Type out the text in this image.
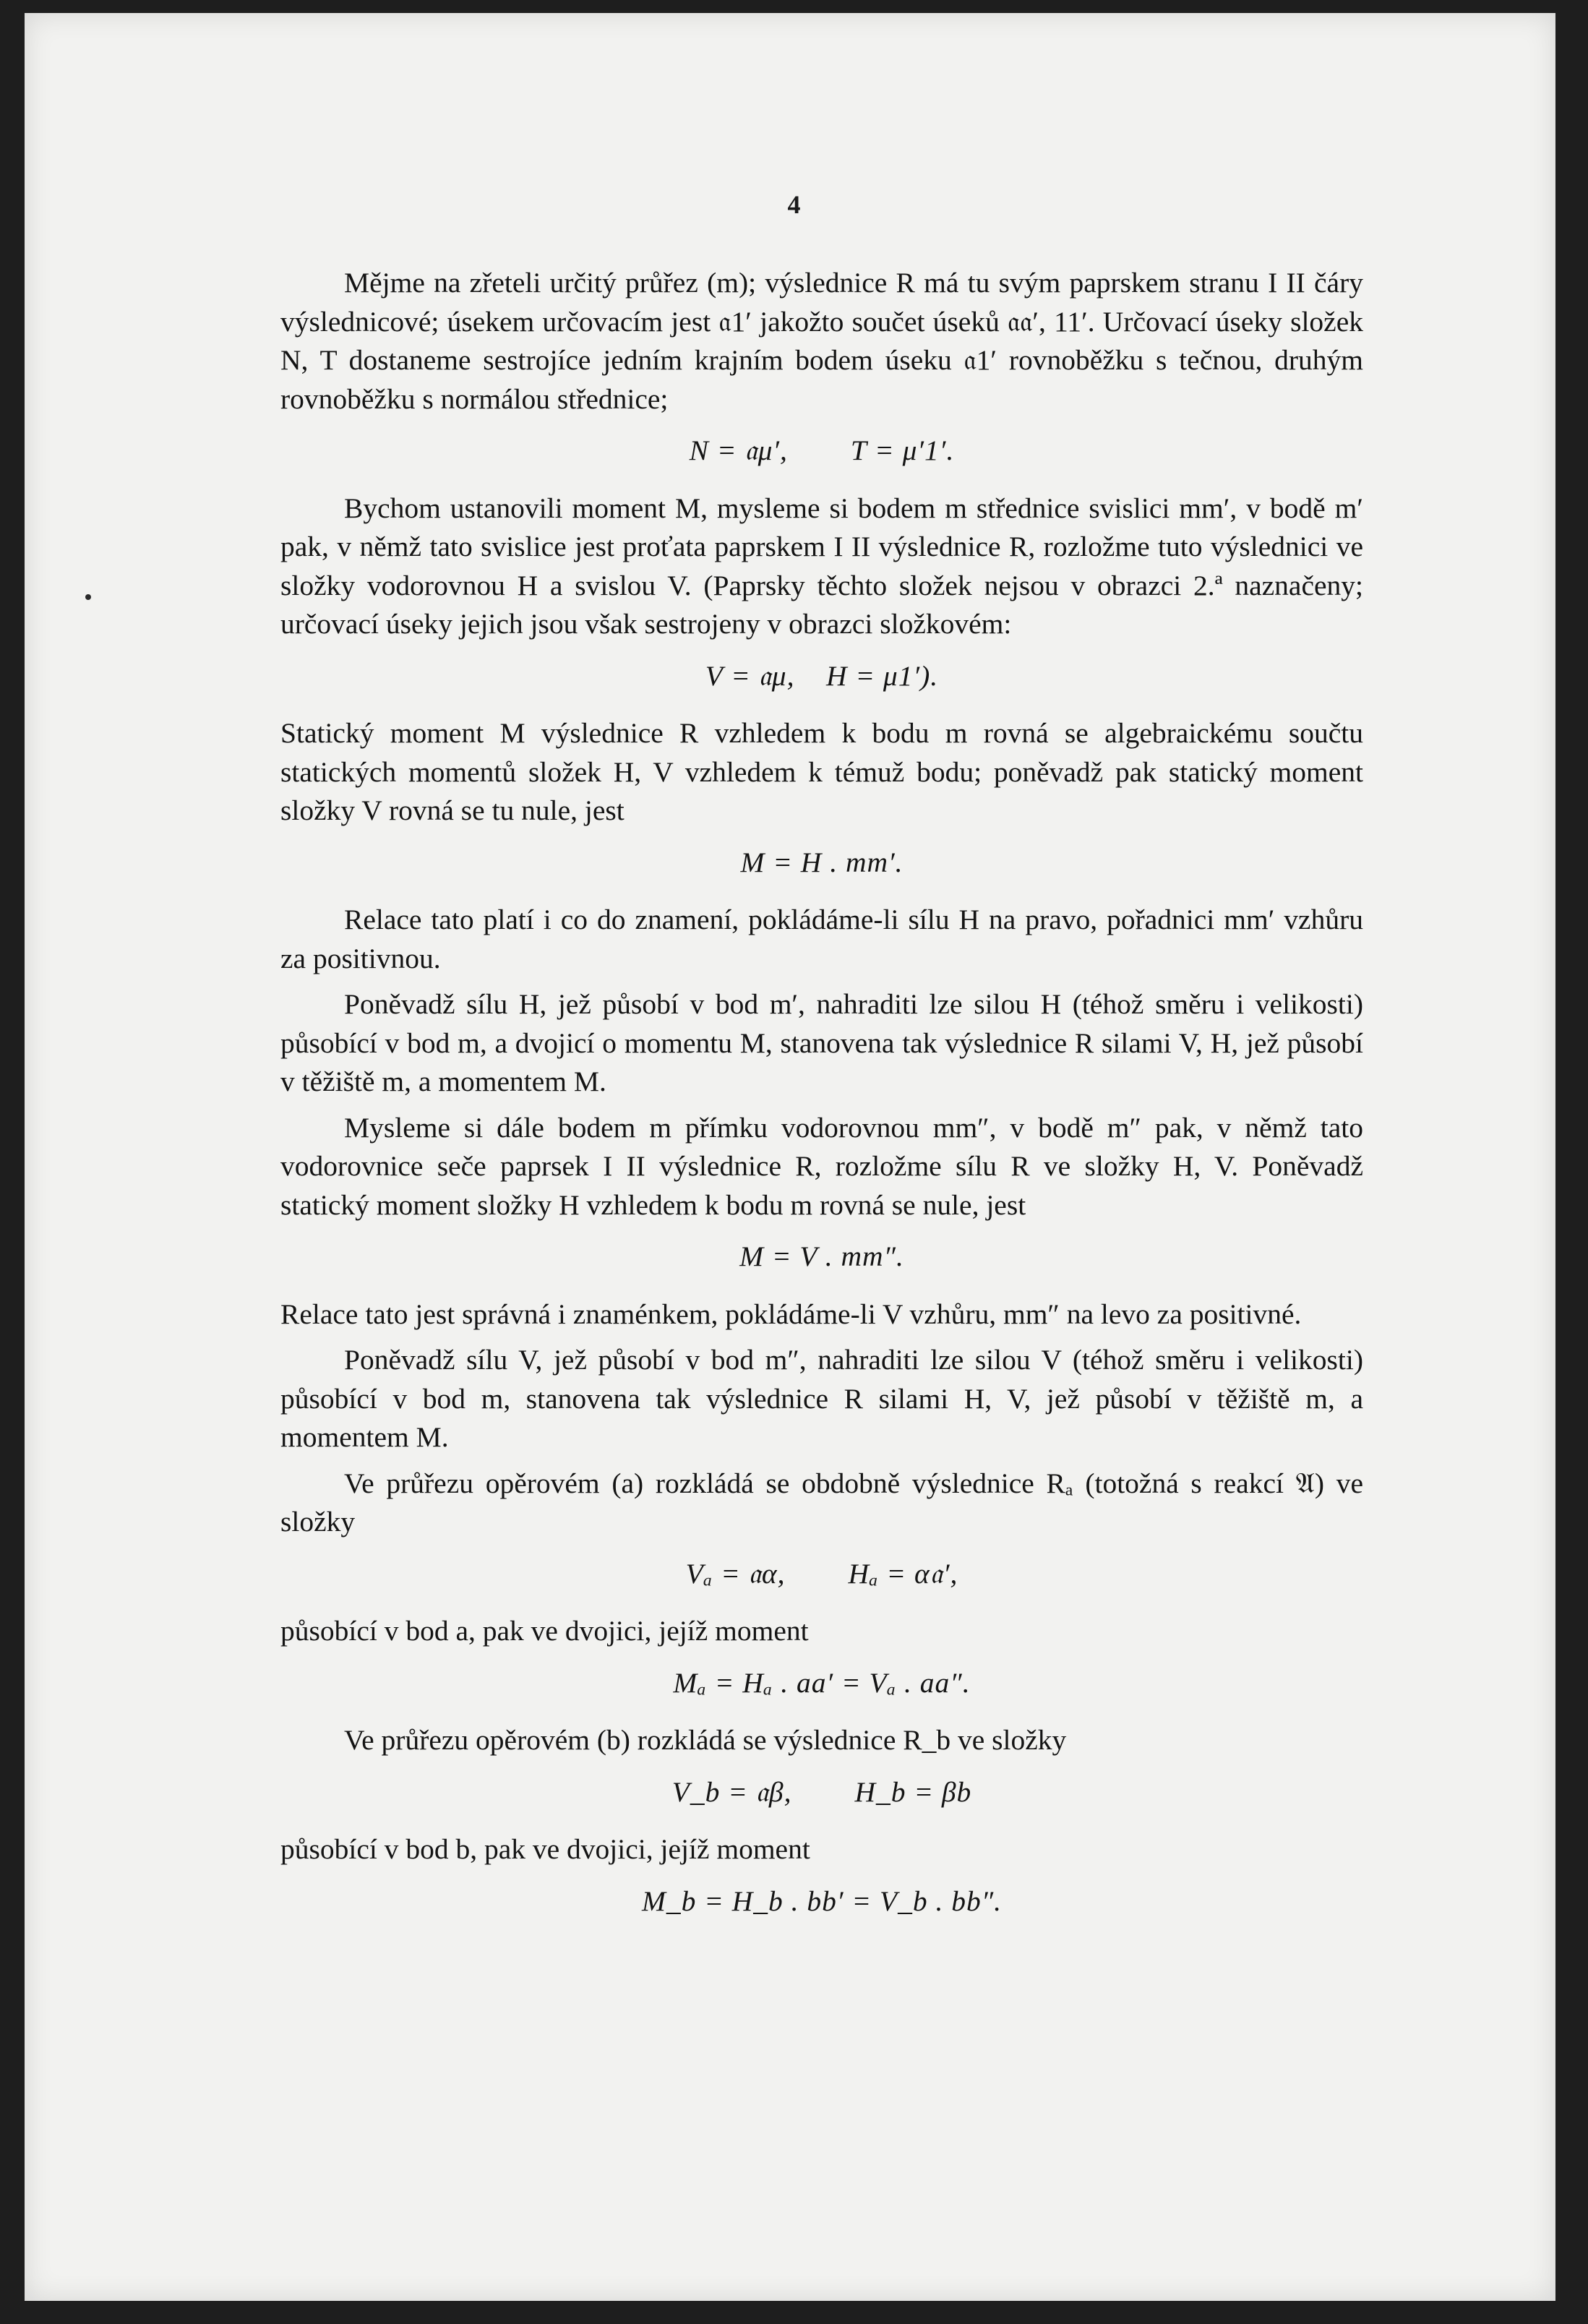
4

Mějme na zřeteli určitý průřez (m); výslednice R má tu svým paprskem stranu I II čáry výslednicové; úsekem určovacím jest 𝔞1′ jakožto součet úseků 𝔞𝔞′, 11′. Určovací úseky složek N, T dostaneme sestrojíce jedním krajním bodem úseku 𝔞1′ rovnoběžku s tečnou, druhým rovnoběžku s normálou střednice;

N = 𝔞μ′,        T = μ′1′.

Bychom ustanovili moment M, mysleme si bodem m střednice svislici mm′, v bodě m′ pak, v němž tato svislice jest proťata paprskem I II výslednice R, rozložme tuto výslednici ve složky vodorovnou H a svislou V. (Paprsky těchto složek nejsou v obrazci 2.ª naznačeny; určovací úseky jejich jsou však sestrojeny v obrazci složkovém:

V = 𝔞μ,    H = μ1′).

Statický moment M výslednice R vzhledem k bodu m rovná se algebraickému součtu statických momentů složek H, V vzhledem k témuž bodu; poněvadž pak statický moment složky V rovná se tu nule, jest

M = H . mm′.

Relace tato platí i co do znamení, pokládáme-li sílu H na pravo, pořadnici mm′ vzhůru za positivnou.

Poněvadž sílu H, jež působí v bod m′, nahraditi lze silou H (téhož směru i velikosti) působící v bod m, a dvojicí o momentu M, stanovena tak výslednice R silami V, H, jež působí v těžiště m, a momentem M.

Mysleme si dále bodem m přímku vodorovnou mm″, v bodě m″ pak, v němž tato vodorovnice seče paprsek I II výslednice R, rozložme sílu R ve složky H, V. Poněvadž statický moment složky H vzhledem k bodu m rovná se nule, jest

M = V . mm″.

Relace tato jest správná i znaménkem, pokládáme-li V vzhůru, mm″ na levo za positivné.

Poněvadž sílu V, jež působí v bod m″, nahraditi lze silou V (téhož směru i velikosti) působící v bod m, stanovena tak výslednice R silami H, V, jež působí v těžiště m, a momentem M.

Ve průřezu opěrovém (a) rozkládá se obdobně výslednice Rₐ (totožná s reakcí 𝔄) ve složky

Vₐ = 𝔞α,        Hₐ = α𝔞′,

působící v bod a, pak ve dvojici, jejíž moment

Mₐ = Hₐ . aa′ = Vₐ . aa″.

Ve průřezu opěrovém (b) rozkládá se výslednice R_b ve složky

V_b = 𝔞β,        H_b = βb

působící v bod b, pak ve dvojici, jejíž moment

M_b = H_b . bb′ = V_b . bb″.
